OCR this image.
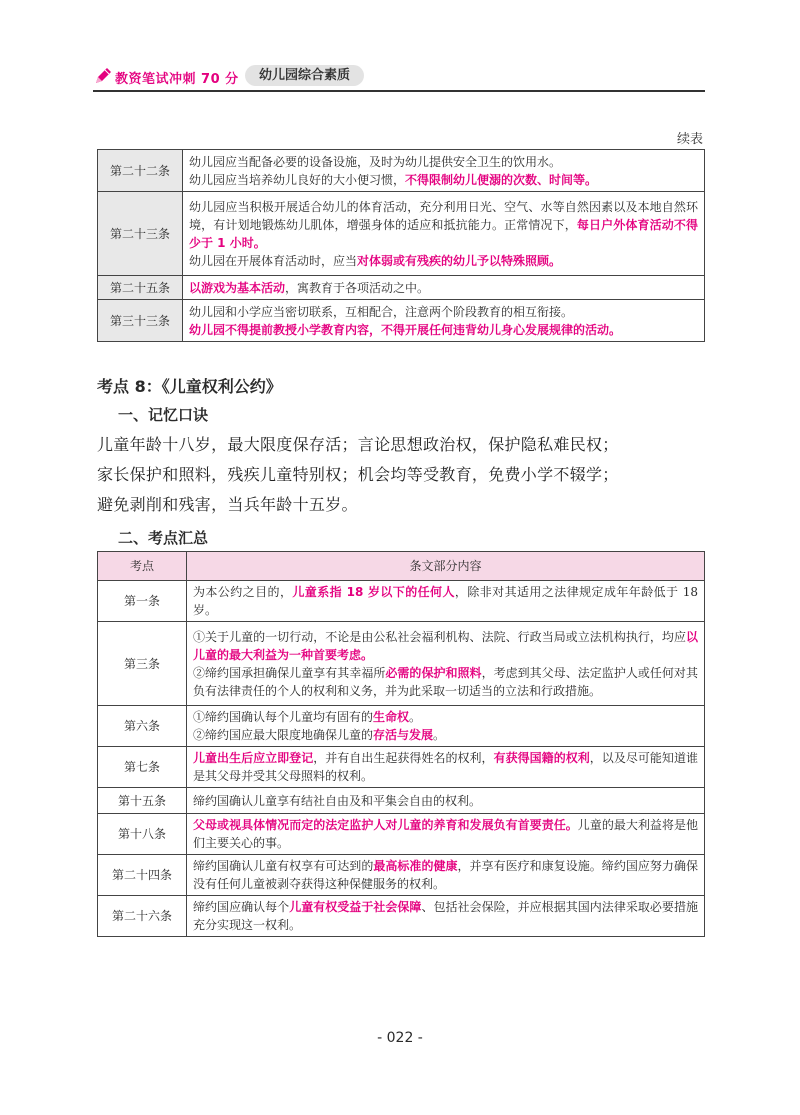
教资笔试冲刺 70 分	幼儿园综合素质
续表
第二十二条	幼儿园应当配备必要的设备设施，及时为幼儿提供安全卫生的饮用水。
幼儿园应当培养幼儿良好的大小便习惯，不得限制幼儿便溺的次数、时间等。
第二十三条	幼儿园应当积极开展适合幼儿的体育活动，充分利用日光、空气、水等自然因素以及本地自然环境，有计划地锻炼幼儿肌体，增强身体的适应和抵抗能力。正常情况下，每日户外体育活动不得少于 1 小时。
幼儿园在开展体育活动时，应当对体弱或有残疾的幼儿予以特殊照顾。
第二十五条	以游戏为基本活动，寓教育于各项活动之中。
第三十三条	幼儿园和小学应当密切联系，互相配合，注意两个阶段教育的相互衔接。
幼儿园不得提前教授小学教育内容，不得开展任何违背幼儿身心发展规律的活动。
考点 8：《儿童权利公约》
一、记忆口诀
儿童年龄十八岁，最大限度保存活；言论思想政治权，保护隐私难民权；
家长保护和照料，残疾儿童特别权；机会均等受教育，免费小学不辍学；
避免剥削和残害，当兵年龄十五岁。
二、考点汇总
考点	条文部分内容
第一条	为本公约之目的，儿童系指 18 岁以下的任何人，除非对其适用之法律规定成年年龄低于 18 岁。
第三条	①关于儿童的一切行动，不论是由公私社会福利机构、法院、行政当局或立法机构执行，均应以儿童的最大利益为一种首要考虑。
②缔约国承担确保儿童享有其幸福所必需的保护和照料，考虑到其父母、法定监护人或任何对其负有法律责任的个人的权利和义务，并为此采取一切适当的立法和行政措施。
第六条	①缔约国确认每个儿童均有固有的生命权。
②缔约国应最大限度地确保儿童的存活与发展。
第七条	儿童出生后应立即登记，并有自出生起获得姓名的权利，有获得国籍的权利，以及尽可能知道谁是其父母并受其父母照料的权利。
第十五条	缔约国确认儿童享有结社自由及和平集会自由的权利。
第十八条	父母或视具体情况而定的法定监护人对儿童的养育和发展负有首要责任。儿童的最大利益将是他们主要关心的事。
第二十四条	缔约国确认儿童有权享有可达到的最高标准的健康，并享有医疗和康复设施。缔约国应努力确保没有任何儿童被剥夺获得这种保健服务的权利。
第二十六条	缔约国应确认每个儿童有权受益于社会保障、包括社会保险，并应根据其国内法律采取必要措施充分实现这一权利。
- 022 -
